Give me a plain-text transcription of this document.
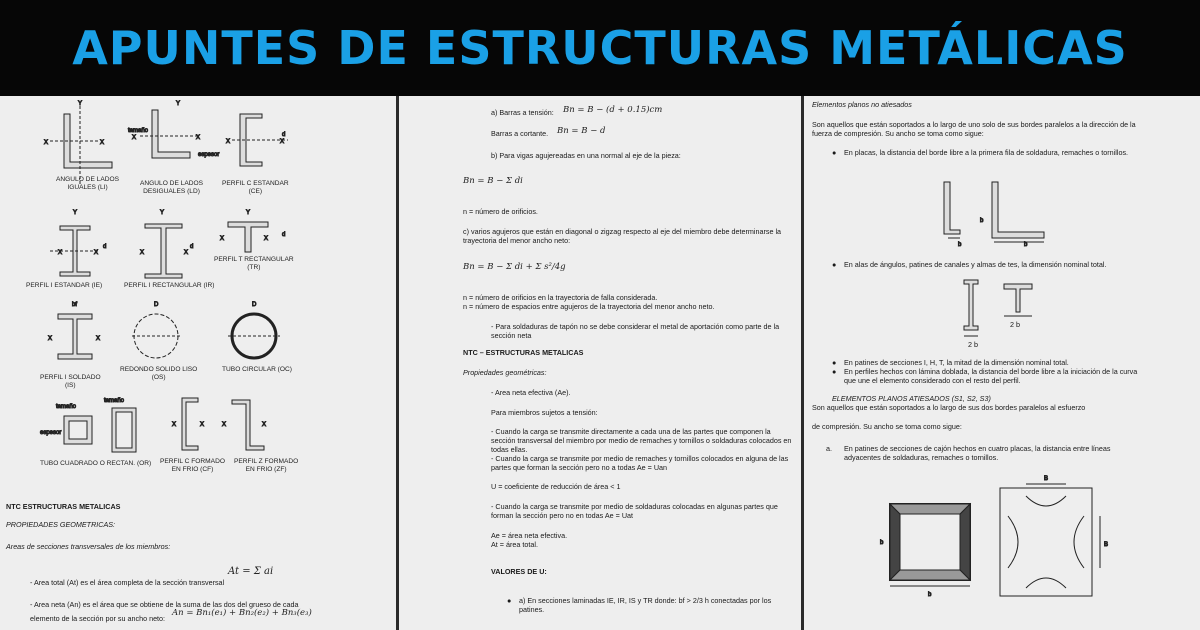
APUNTES DE ESTRUCTURAS METÁLICAS
X	X
Y
X	X
Y
tamaño
espesor
X	X
d
X	X
d
Y
X	X
d
Y
X	X
d
Y
X	X
bf	D	D
tamaño
tamaño
espesor
X	X	X	X
ANGULO DE LADOS
IGUALES (LI)
ANGULO DE LADOS
DESIGUALES (LD)
PERFIL C ESTANDAR
(CE)
PERFIL I ESTANDAR (IE)	PERFIL I RECTANGULAR (IR)
PERFIL T RECTANGULAR
(TR)
PERFIL I SOLDADO
(IS)
REDONDO SOLIDO LISO
(OS)
TUBO CIRCULAR (OC)
TUBO CUADRADO O RECTAN. (OR) PERFIL C FORMADO
EN FRIO (CF)
PERFIL Z FORMADO
EN FRIO (ZF)
NTC ESTRUCTURAS METALICAS
PROPIEDADES GEOMETRICAS:
Areas de secciones transversales de los miembros:
At = Σ ai
- Area total (At) es el área completa de la sección transversal
- Area neta (An) es el área que se obtiene de la suma de las dos del grueso de cada
elemento de la sección por su ancho neto:
An = Bn₁(e₁) + Bn₂(e₂) + Bn₃(e₃)
a) Barras a tensión: Bn = B − (d + 0.15)cm
Barras a cortante. Bn = B − d
b) Para vigas agujereadas en una normal al eje de la pieza:
Bn = B − Σ di
n = número de orificios.
c) varios agujeros que están en diagonal o zigzag respecto al eje del miembro debe determinarse la trayectoria del menor ancho neto:
Bn = B − Σ di + Σ s²/4g
n = número de orificios en la trayectoria de falla considerada.
n = número de espacios entre agujeros de la trayectoria del menor ancho neto.
- Para soldaduras de tapón no se debe considerar el metal de aportación como parte de la sección neta
NTC – ESTRUCTURAS METALICAS
Propiedades geométricas:
- Area neta efectiva (Ae).
Para miembros sujetos a tensión:
- Cuando la carga se transmite directamente a cada una de las partes que componen la sección transversal del miembro por medio de remaches y tornillos o soldaduras colocados en todas ellas.
- Cuando la carga se transmite por medio de remaches y tornillos colocados en alguna de las partes que forman la sección pero no a todas Ae = Uan
U = coeficiente de reducción de área < 1
- Cuando la carga se transmite por medio de soldaduras colocadas en algunas partes que forman la sección pero no en todas Ae = Uat
Ae = área neta efectiva.
At = área total.
VALORES DE U:
a) En secciones laminadas IE, IR, IS y TR donde: bf > 2/3 h conectadas por los patines.
●
Elementos planos no atiesados
Son aquellos que están soportados a lo largo de uno solo de sus bordes paralelos a la dirección de la fuerza de compresión. Su ancho se toma como sigue:
● En placas, la distancia del borde libre a la primera fila de soldadura, remaches o tornillos.
b
b
b
b
b
B
B
2 b
2 b
● En alas de ángulos, patines de canales y almas de tes, la dimensión nominal total.
● En patines de secciones I, H, T, la mitad de la dimensión nominal total.
● En perfiles hechos con lámina doblada, la distancia del borde libre a la iniciación de la curva que une el elemento considerado con el resto del perfil.
ELEMENTOS PLANOS ATIESADOS (S1, S2, S3)
Son aquellos que están soportados a lo largo de sus dos bordes paralelos al esfuerzo
de compresión. Su ancho se toma como sigue:
a. En patines de secciones de cajón hechos en cuatro placas, la distancia entre líneas adyacentes de soldaduras, remaches o tornillos.
